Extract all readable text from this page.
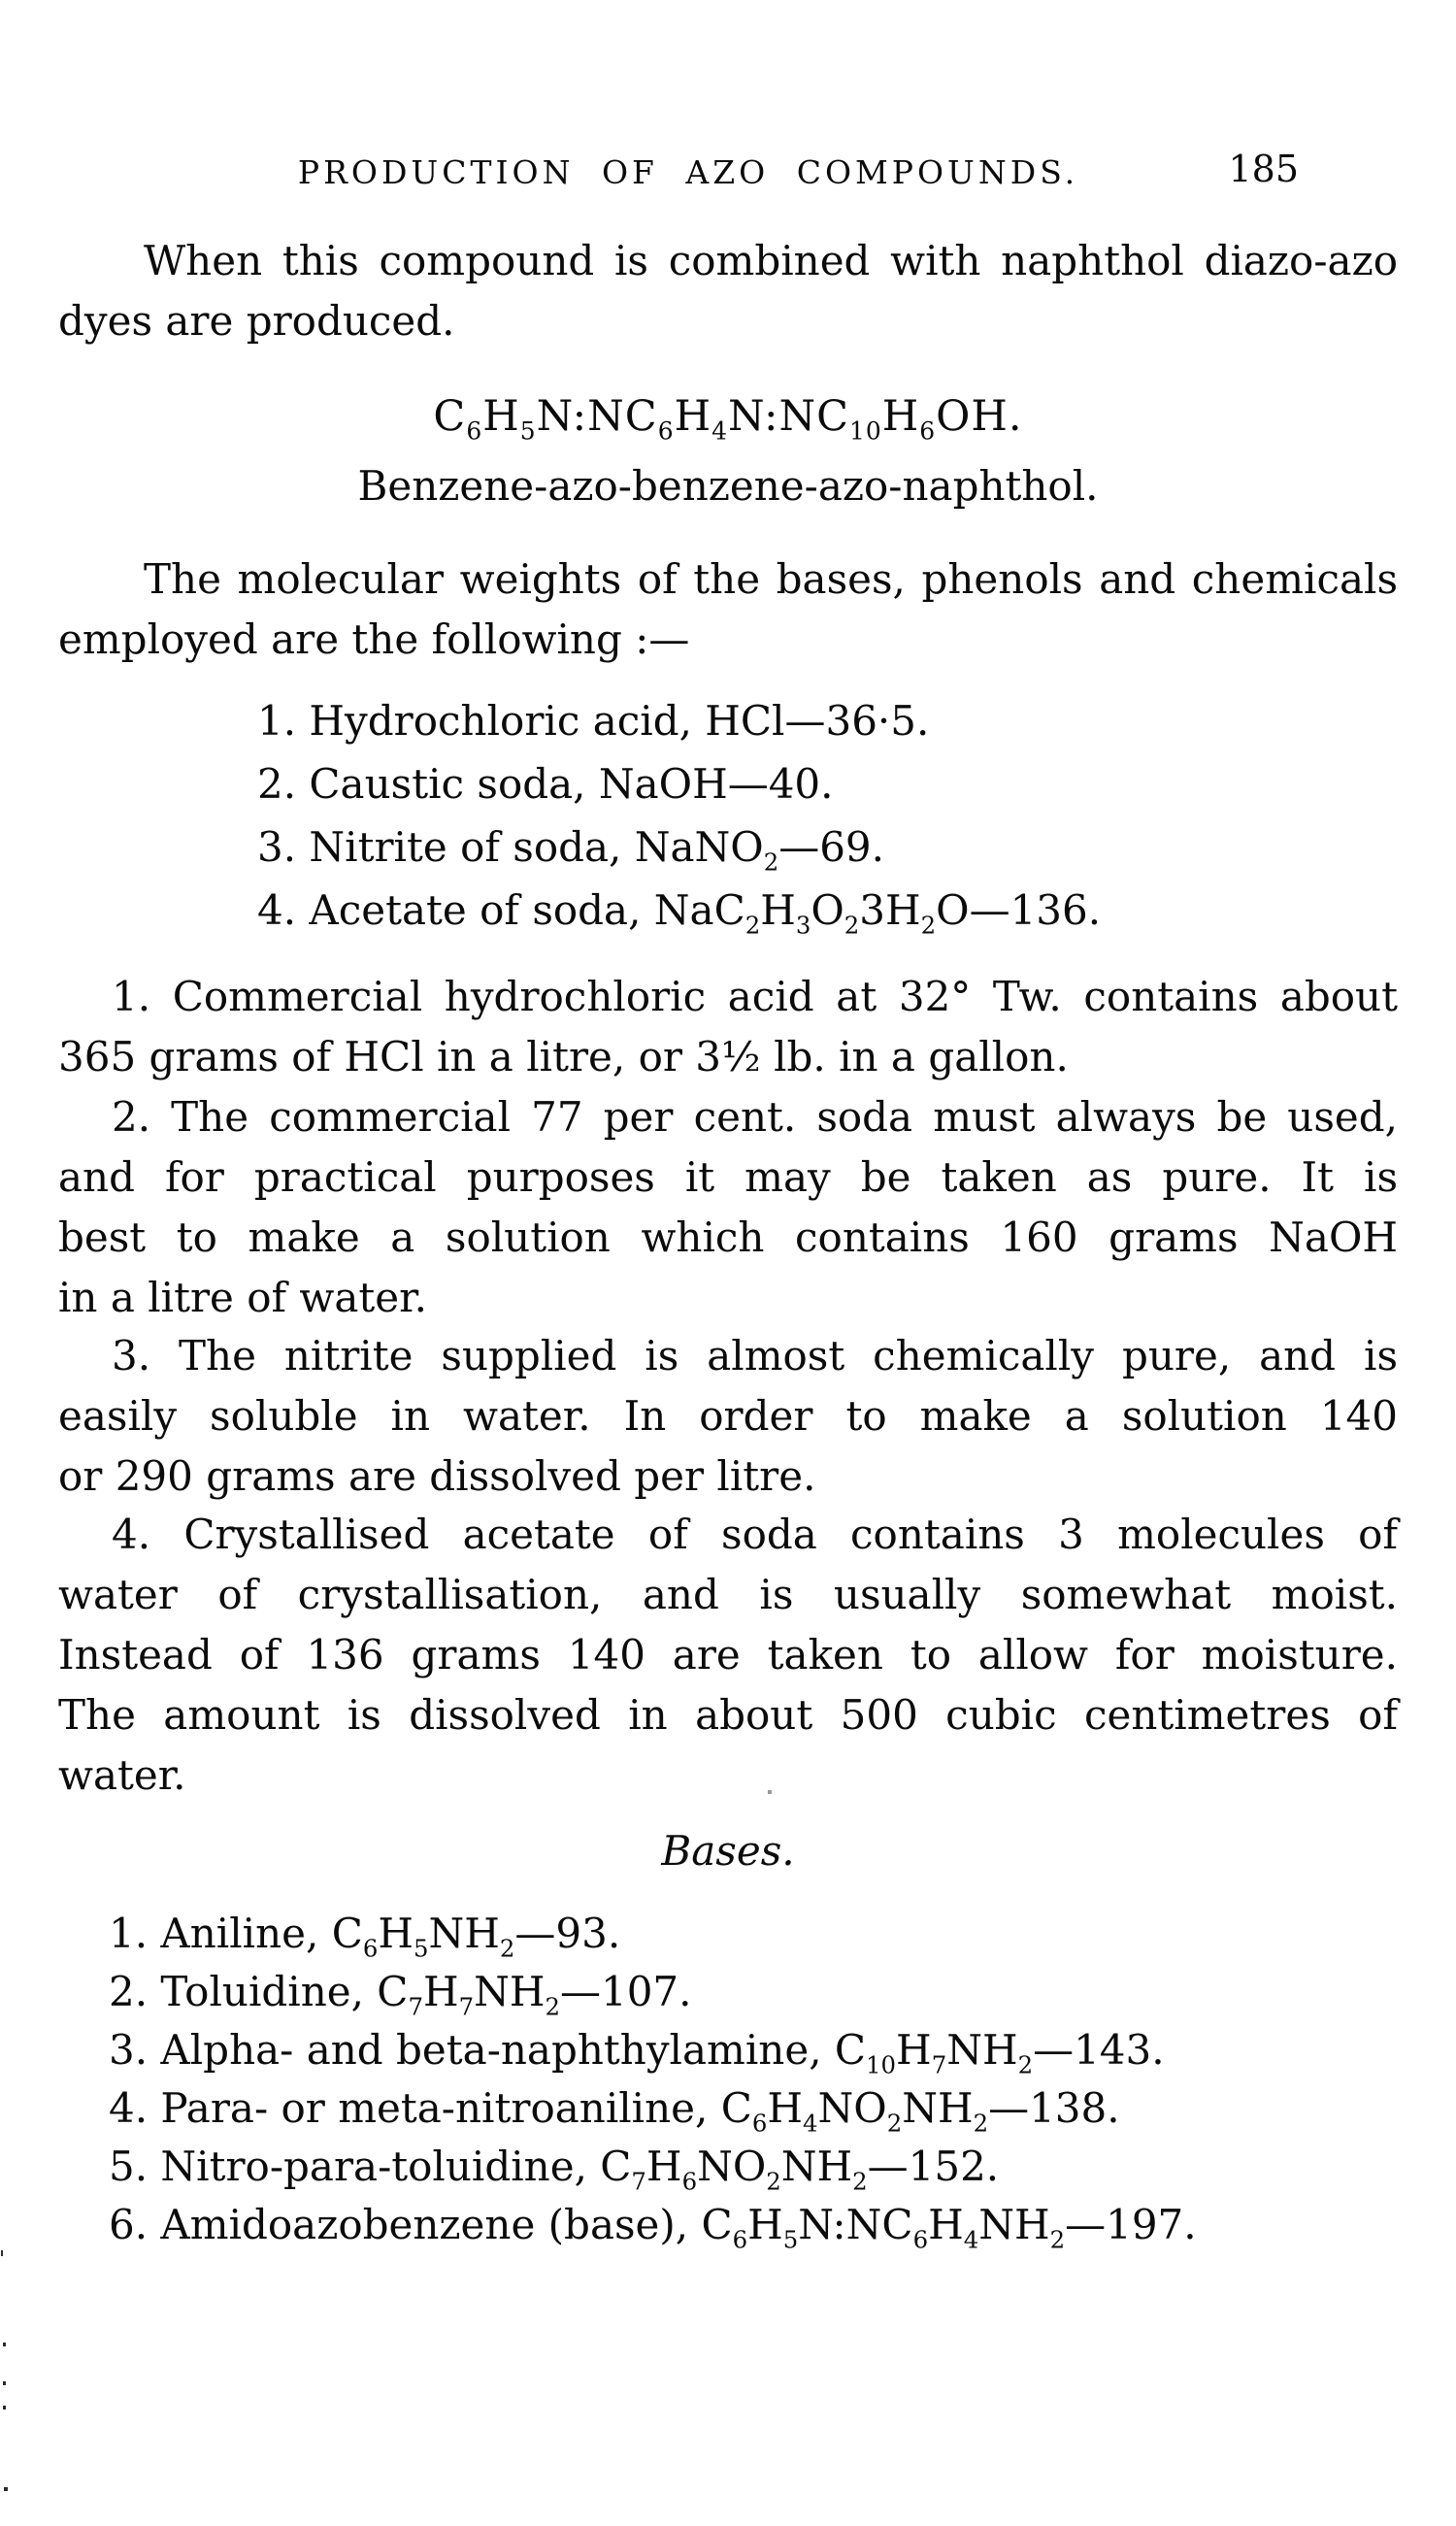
PRODUCTION OF AZO COMPOUNDS.	185
When this compound is combined with naphthol diazo-azo
dyes are produced.
$C_6H_5N:NC_6H_4N:NC_{10}H_6OH$.
Benzene-azo-benzene-azo-naphthol.
The molecular weights of the bases, phenols and chemicals
employed are the following :—
1. Hydrochloric acid, HCl—36·5.
2. Caustic soda, NaOH—40.
3. Nitrite of soda, NaNO$_2$—69.
4. Acetate of soda, $NaC_2H_3O_23H_2O—136$.
1. Commercial hydrochloric acid at 32° Tw. contains about
365 grams of HCl in a litre, or 3½ lb. in a gallon.
2. The commercial 77 per cent. soda must always be used,
and for practical purposes it may be taken as pure. It is
best to make a solution which contains 160 grams NaOH
in a litre of water.
3. The nitrite supplied is almost chemically pure, and is
easily soluble in water. In order to make a solution 140
or 290 grams are dissolved per litre.
4. Crystallised acetate of soda contains 3 molecules of
water of crystallisation, and is usually somewhat moist.
Instead of 136 grams 140 are taken to allow for moisture.
The amount is dissolved in about 500 cubic centimetres of
water.
Bases.
1. Aniline, $C_6H_5NH_2—93$.
2. Toluidine, $C_7H_7NH_2—107$.
3. Alpha- and beta-naphthylamine, $C_{10}H_7NH_2—143$.
4. Para- or meta-nitroaniline, $C_6H_4NO_2NH_2—138$.
5. Nitro-para-toluidine, $C_7H_6NO_2NH_2—152$.
6. Amidoazobenzene (base), $C_6H_5N:NC_6H_4NH_2—197$.
